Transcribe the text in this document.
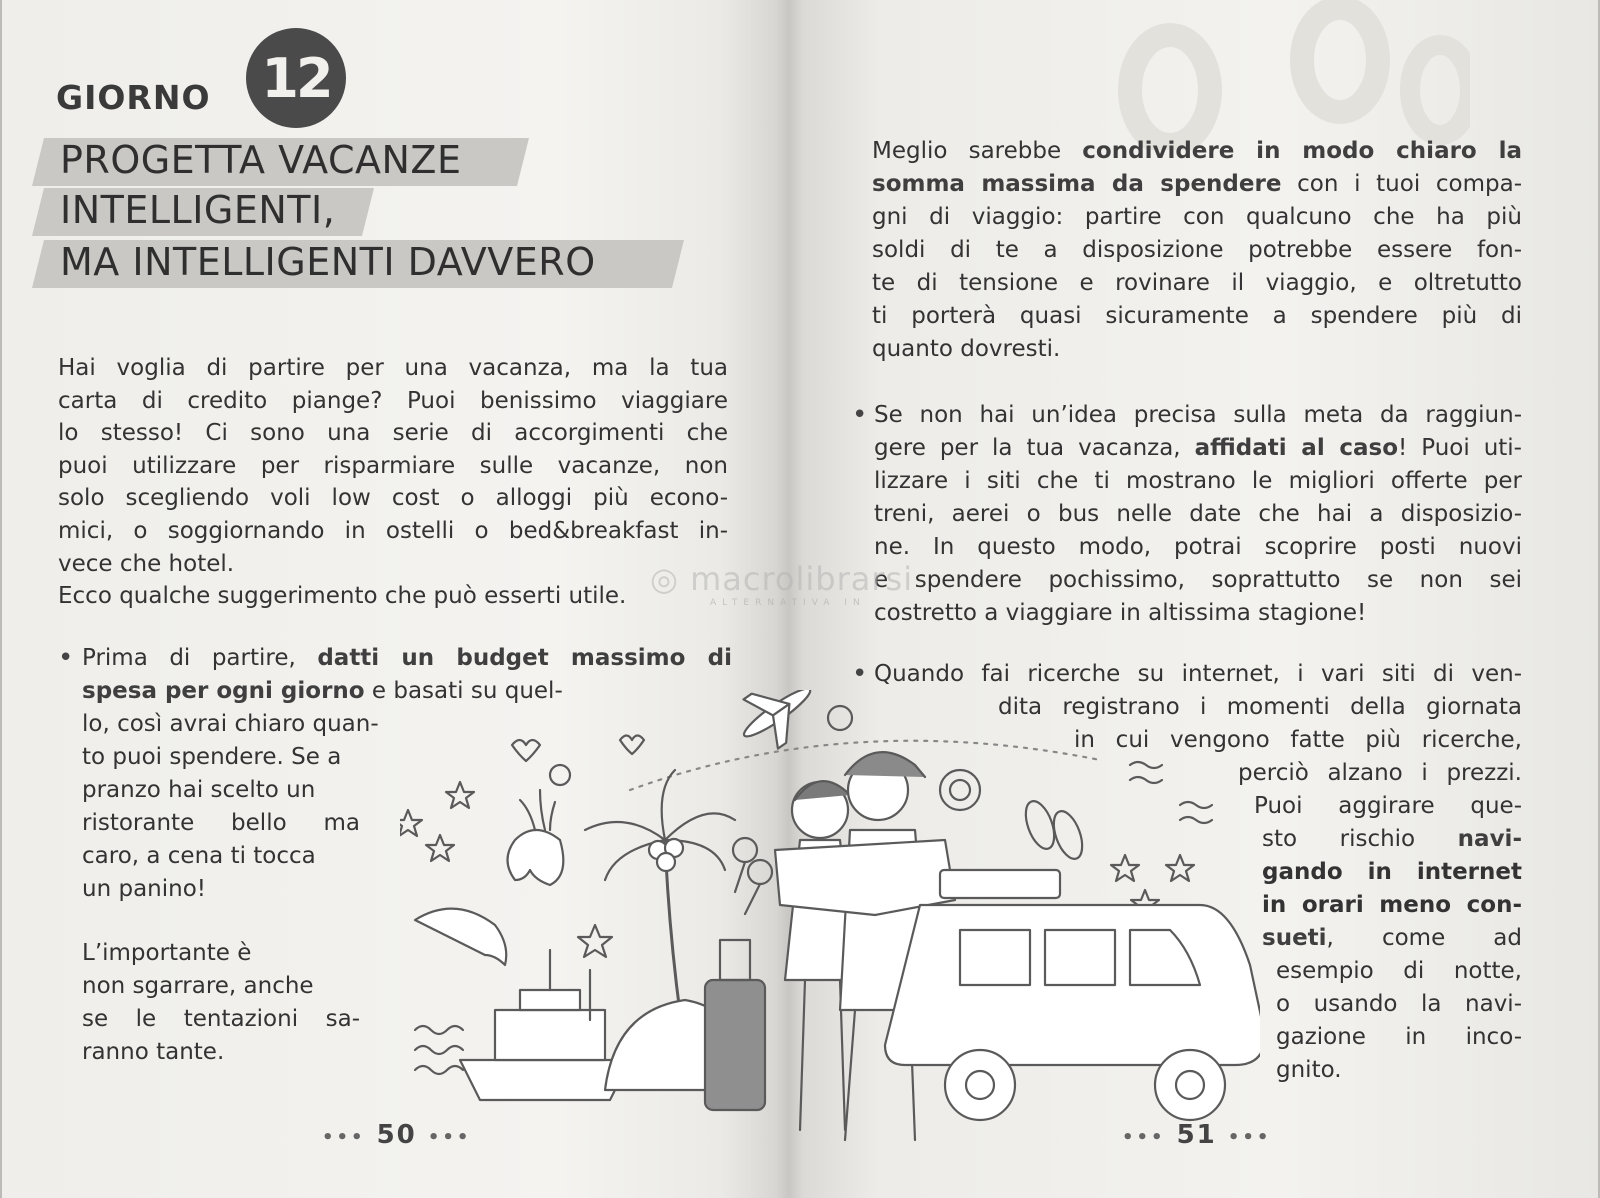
GIORNO 12
PROGETTA VACANZE
INTELLIGENTI,
MA INTELLIGENTI DAVVERO
Hai voglia di partire per una vacanza, ma la tua
carta di credito piange? Puoi benissimo viaggiare
lo stesso! Ci sono una serie di accorgimenti che
puoi utilizzare per risparmiare sulle vacanze, non
solo scegliendo voli low cost o alloggi più econo-
mici, o soggiornando in ostelli o bed&breakfast in-
vece che hotel.
Ecco qualche suggerimento che può esserti utile.
• Prima di partire, datti un budget massimo di
spesa per ogni giorno e basati su quel-
lo, così avrai chiaro quan-
to puoi spendere. Se a
pranzo hai scelto un
ristorante bello ma
caro, a cena ti tocca
un panino!
L’importante è
non sgarrare, anche
se le tentazioni sa-
ranno tante.
••• 50 •••
Meglio sarebbe condividere in modo chiaro la
somma massima da spendere con i tuoi compa-
gni di viaggio: partire con qualcuno che ha più
soldi di te a disposizione potrebbe essere fon-
te di tensione e rovinare il viaggio, e oltretutto
ti porterà quasi sicuramente a spendere più di
quanto dovresti.
• Se non hai un’idea precisa sulla meta da raggiun-
gere per la tua vacanza, affidati al caso! Puoi uti-
lizzare i siti che ti mostrano le migliori offerte per
treni, aerei o bus nelle date che hai a disposizio-
ne. In questo modo, potrai scoprire posti nuovi
e spendere pochissimo, soprattutto se non sei
costretto a viaggiare in altissima stagione!
• Quando fai ricerche su internet, i vari siti di ven-
dita registrano i momenti della giornata
in cui vengono fatte più ricerche,
perciò alzano i prezzi.
Puoi aggirare que-
sto rischio navi-
gando in internet
in orari meno con-
sueti, come ad
esempio di notte,
o usando la navi-
gazione in inco-
gnito.
••• 51 •••
◎ macrolibrarsi
ALTERNATIVA IN
